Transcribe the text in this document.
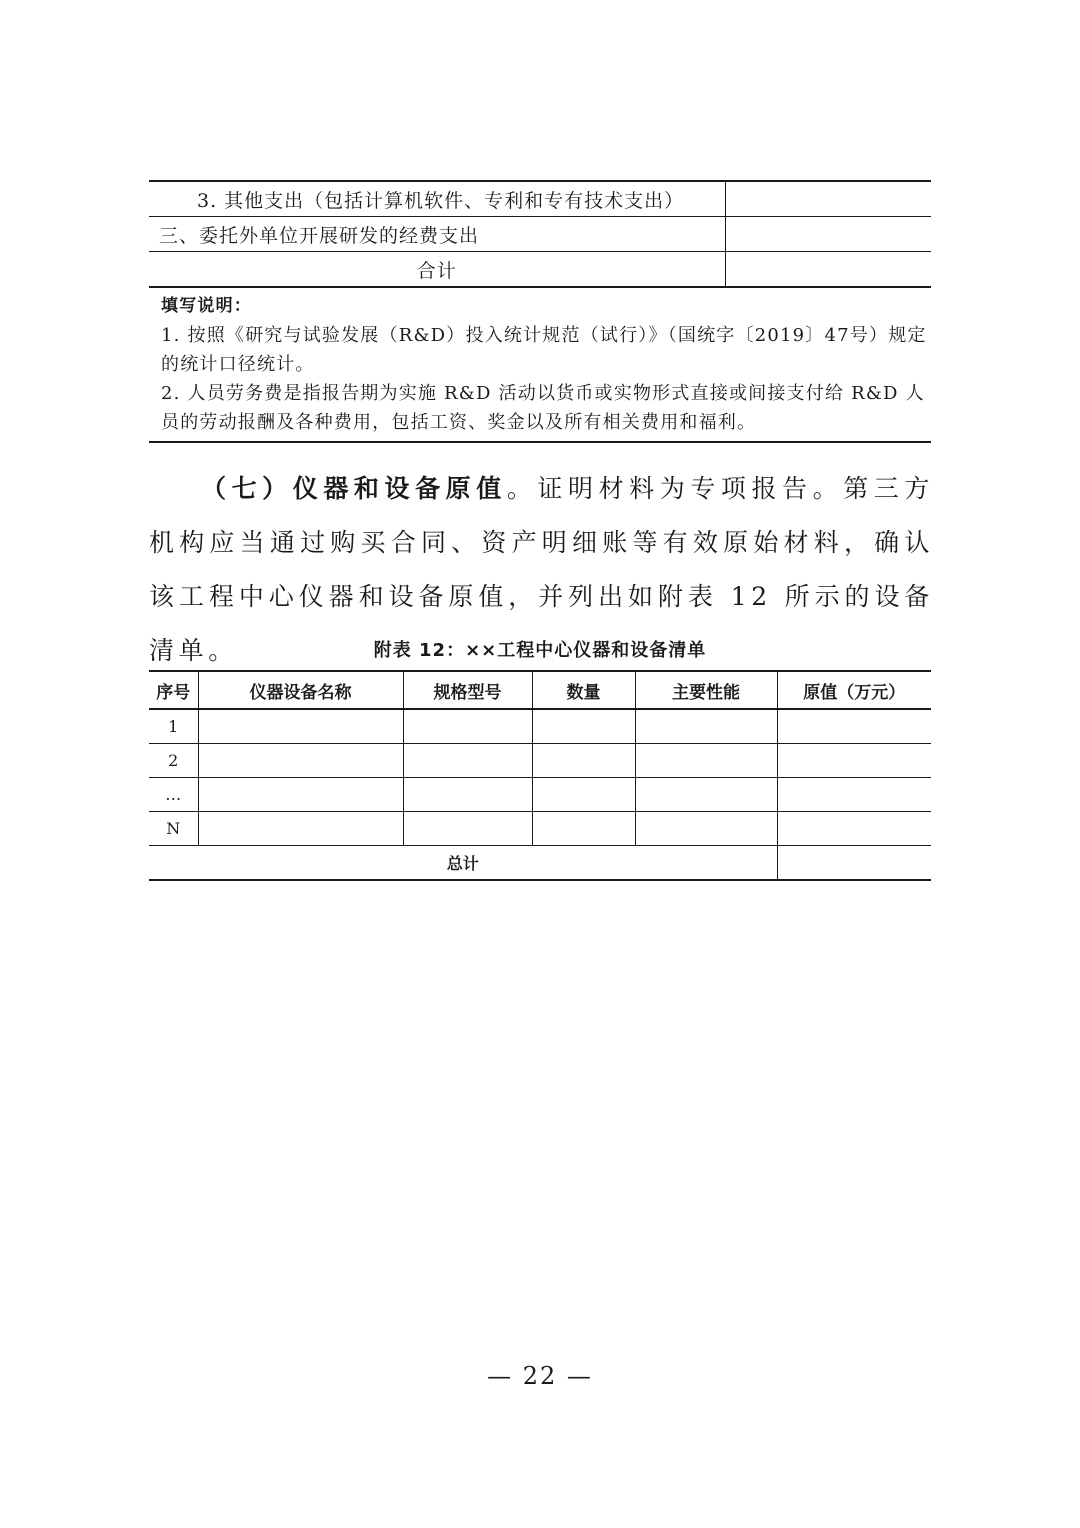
3. 其他支出（包括计算机软件、专利和专有技术支出）	
三、委托外单位开展研发的经费支出	
合计	
填写说明：

1. 按照《研究与试验发展（R&D）投入统计规范（试行）》（国统字〔2019〕47号）规定的统计口径统计。

2. 人员劳务费是指报告期为实施 R&D 活动以货币或实物形式直接或间接支付给 R&D 人员的劳动报酬及各种费用，包括工资、奖金以及所有相关费用和福利。

（七）仪器和设备原值。证明材料为专项报告。第三方机构应当通过购买合同、资产明细账等有效原始材料，确认该工程中心仪器和设备原值，并列出如附表 12 所示的设备清单。	附表 12：××工程中心仪器和设备清单
序号	仪器设备名称	规格型号	数量	主要性能	原值（万元）
1					
2					
…					
N					
总计					
— 22 —
